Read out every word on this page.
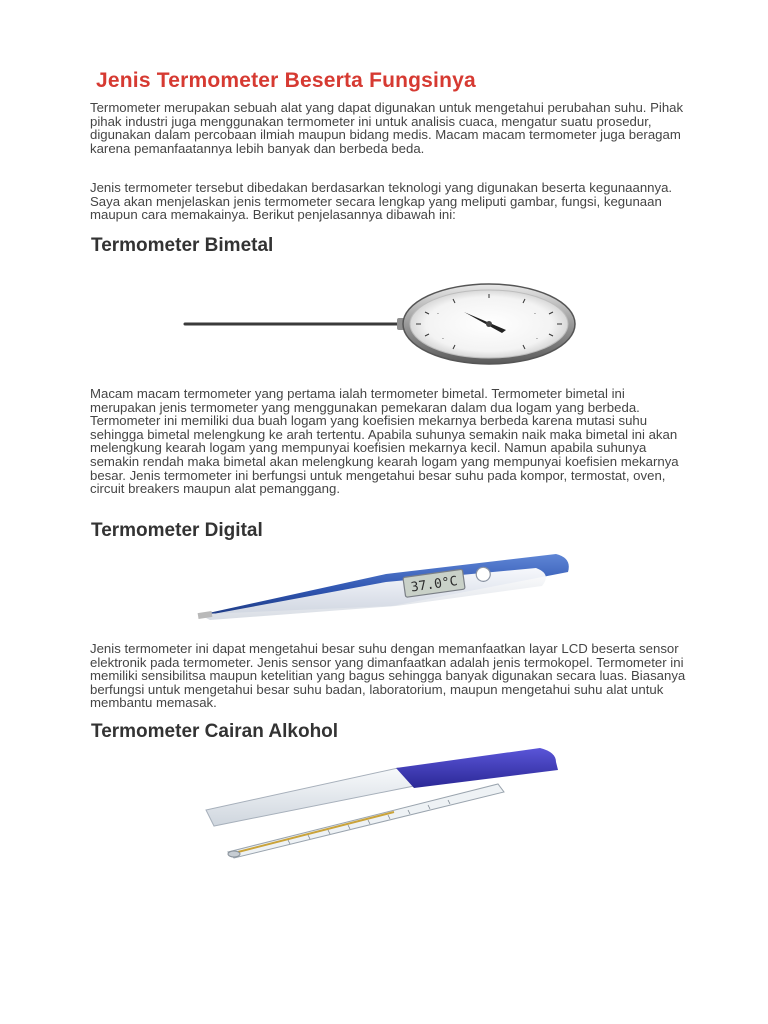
Jenis Termometer Beserta Fungsinya

Termometer merupakan sebuah alat yang dapat digunakan untuk mengetahui perubahan suhu. Pihak pihak industri juga menggunakan termometer ini untuk analisis cuaca, mengatur suatu prosedur, digunakan dalam percobaan ilmiah maupun bidang medis. Macam macam termometer juga beragam karena pemanfaatannya lebih banyak dan berbeda beda.

Jenis termometer tersebut dibedakan berdasarkan teknologi yang digunakan beserta kegunaannya. Saya akan menjelaskan jenis termometer secara lengkap yang meliputi gambar, fungsi, kegunaan maupun cara memakainya. Berikut penjelasannya dibawah ini:

Termometer Bimetal
·
·
·
·

Macam macam termometer yang pertama ialah termometer bimetal. Termometer bimetal ini merupakan jenis termometer yang menggunakan pemekaran dalam dua logam yang berbeda. Termometer ini memiliki dua buah logam yang koefisien mekarnya berbeda karena mutasi suhu sehingga bimetal melengkung ke arah tertentu. Apabila suhunya semakin naik maka bimetal ini akan melengkung kearah logam yang mempunyai koefisien mekarnya kecil. Namun apabila suhunya semakin rendah maka bimetal akan melengkung kearah logam yang mempunyai koefisien mekarnya besar. Jenis termometer ini berfungsi untuk mengetahui besar suhu pada kompor, termostat, oven, circuit breakers maupun alat pemanggang.

Termometer Digital
37.0°C

Jenis termometer ini dapat mengetahui besar suhu dengan memanfaatkan layar LCD beserta sensor elektronik pada termometer. Jenis sensor yang dimanfaatkan adalah jenis termokopel. Termometer ini memiliki sensibilitsa maupun ketelitian yang bagus sehingga banyak digunakan secara luas. Biasanya berfungsi untuk mengetahui besar suhu badan, laboratorium, maupun mengetahui suhu alat untuk membantu memasak.

Termometer Cairan Alkohol
